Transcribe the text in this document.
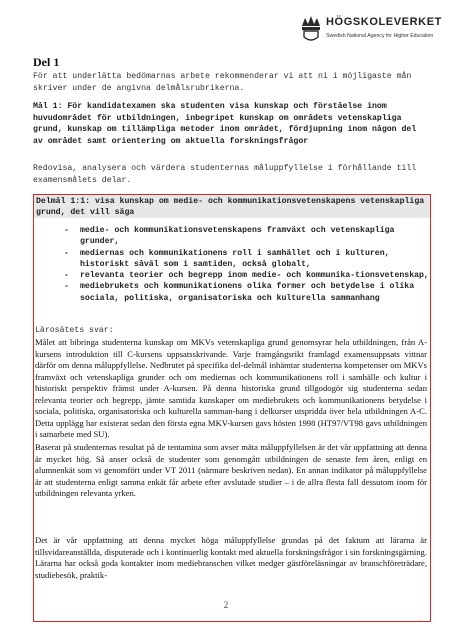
HÖGSKOLEVERKET
Swedish National Agency for Higher Education
Del 1
För att underlätta bedömarnas arbete rekommenderar vi att ni i möjligaste mån skriver under de angivna delmålsrubrikerna.
Mål 1: För kandidatexamen ska studenten visa kunskap och förståelse inom huvudområdet för utbildningen, inbegripet kunskap om områdets vetenskapliga grund, kunskap om tillämpliga metoder inom området, fördjupning inom någon del av området samt orientering om aktuella forskningsfrågor
Redovisa, analysera och värdera studenternas måluppfyllelse i förhållande till examensmålets delar.
Delmål 1:1: visa kunskap om medie- och kommunikationsvetenskapens vetenskapliga grund, det vill säga
- medie- och kommunikationsvetenskapens framväxt och vetenskapliga grunder,
- mediernas och kommunikationens roll i samhället och i kulturen, historiskt såväl som i samtiden, också globalt,
- relevanta teorier och begrepp inom medie- och kommunika-tionsvetenskap,
- mediebrukets och kommunikationens olika former och betydelse i olika sociala, politiska, organisatoriska och kulturella sammanhang
Lärosätets svar:
Målet att bibringa studenterna kunskap om MKVs vetenskapliga grund genomsyrar hela utbildningen, från A-kursens introduktion till C-kursens uppsatsskrivande. Varje framgångsrikt framlagd examensuppsats vittnar därför om denna måluppfyllelse. Nedbrutet på specifika del-delmål inhämtar studenterna kompetenser om MKVs framväxt och vetenskapliga grunder och om mediernas och kommunikationens roll i samhälle och kultur i historiskt perspektiv främst under A-kursen. På denna historiska grund tillgodogör sig studenterna sedan relevanta teorier och begrepp, jämte samtida kunskaper om mediebrukets och kommunikationens betydelse i sociala, politiska, organisatoriska och kulturella samman-hang i delkurser utspridda över hela utbildningen A-C. Detta upplägg har existerat sedan den första egna MKV-kursen gavs hösten 1998 (HT97/VT98 gavs utbildningen i samarbete med SU).
Baserat på studenternas resultat på de tentamina som avser mäta måluppfyllelsen är det vår uppfattning att denna är mycket hög. Så anser också de studenter som genomgått utbildningen de senaste fem åren, enligt en alumnenkät som vi genomfört under VT 2011 (närmare beskriven nedan). En annan indikator på måluppfyllelse är att studenterna enligt samma enkät får arbete efter avslutade studier – i de allra flesta fall dessutom inom för utbildningen relevanta yrken.
Det är vår uppfattning att denna mycket höga måluppfyllelse grundas på det faktum att lärarna är tillsvidareanställda, disputerade och i kontinuerlig kontakt med aktuella forskningsfrågor i sin forskningsgärning. Lärarna har också goda kontakter inom mediebranschen vilket medger gästföreläsningar av branschföreträdare, studiebesök, praktik-
2
